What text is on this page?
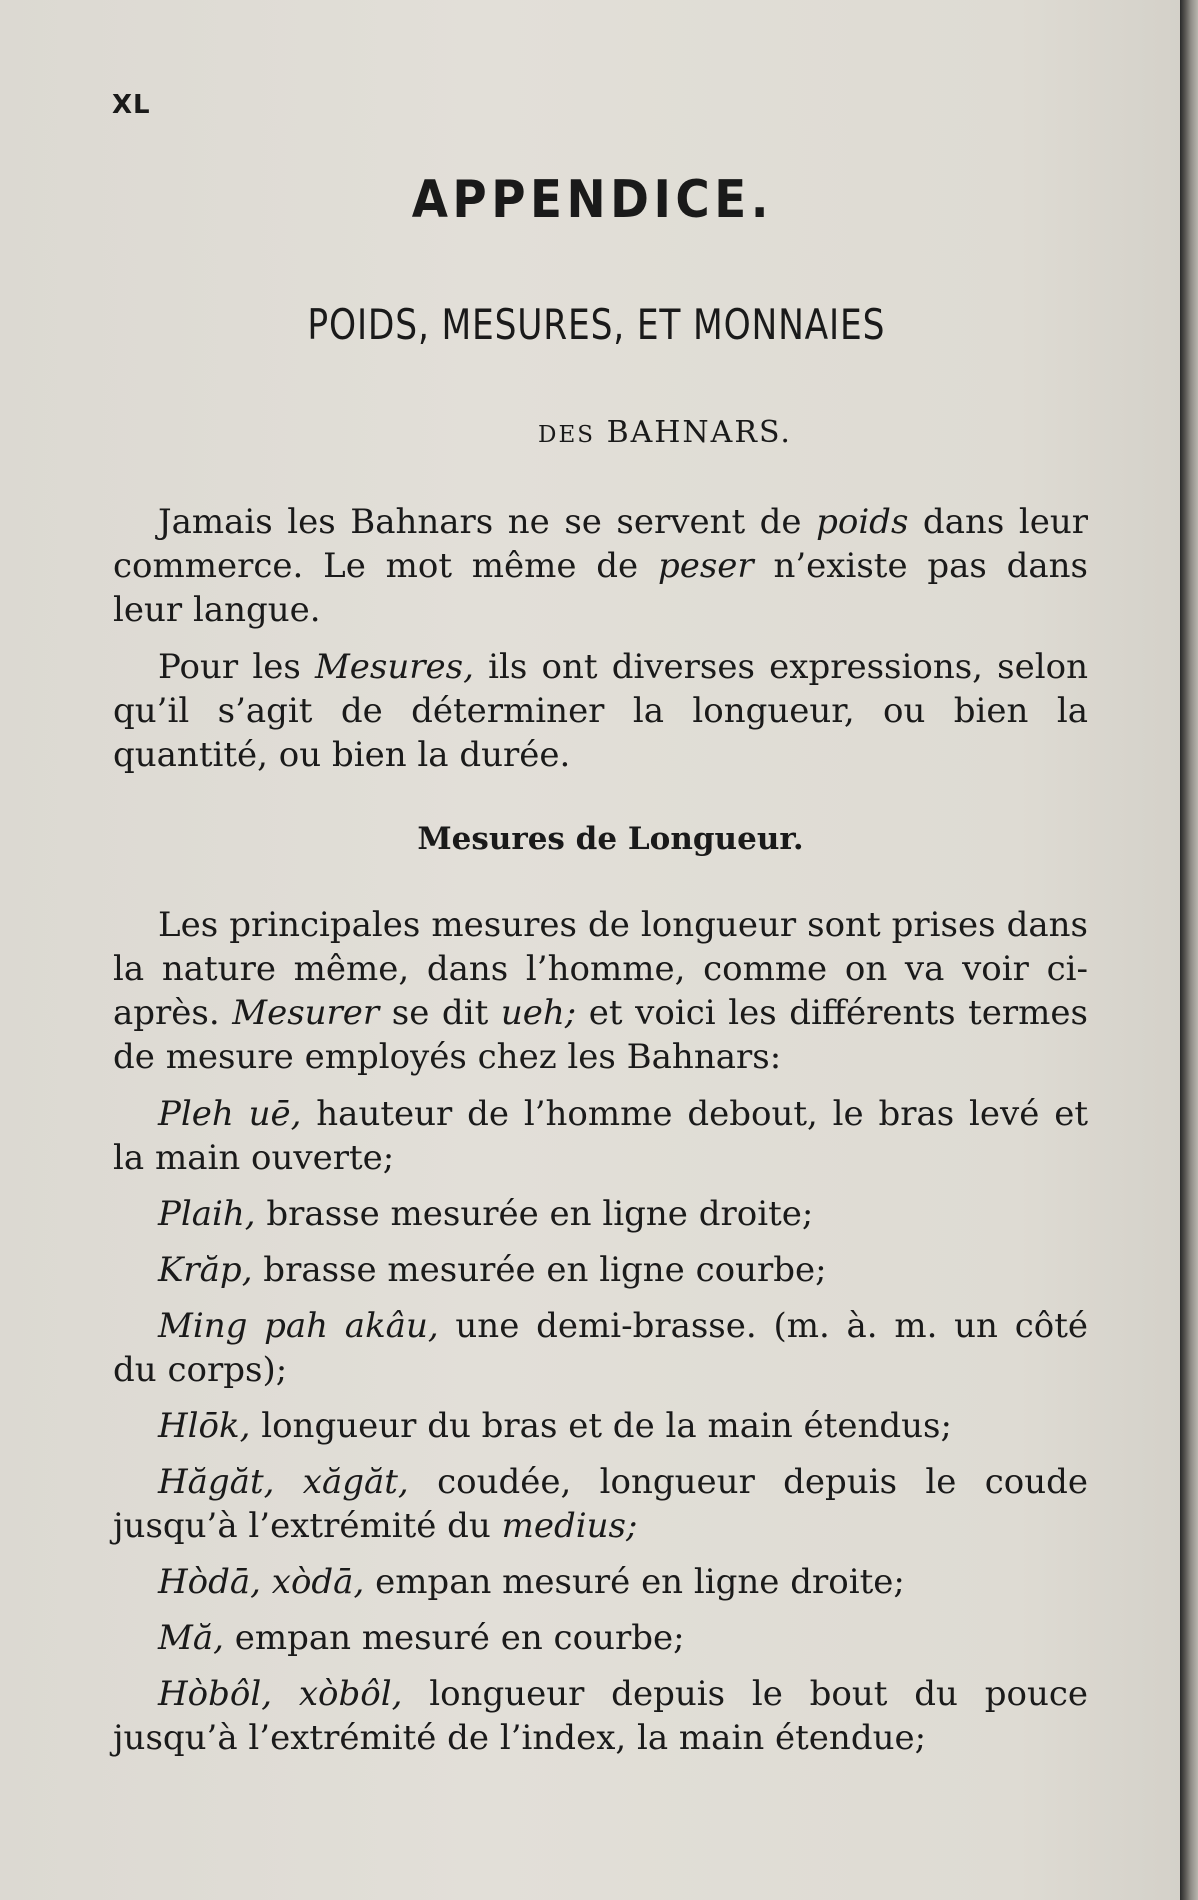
XL
APPENDICE.
POIDS, MESURES, ET MONNAIES
DES BAHNARS.

Jamais les Bahnars ne se servent de poids dans leur commerce. Le mot même de peser n’existe pas dans leur langue.

Pour les Mesures, ils ont diverses expressions, selon qu’il s’agit de déterminer la longueur, ou bien la quantité, ou bien la durée.

Mesures de Longueur.

Les principales mesures de longueur sont prises dans la nature même, dans l’homme, comme on va voir ci-après. Mesurer se dit ueh; et voici les différents termes de mesure employés chez les Bahnars:

Pleh uē, hauteur de l’homme debout, le bras levé et la main ouverte;

Plaih, brasse mesurée en ligne droite;

Krăp, brasse mesurée en ligne courbe;

Ming pah akâu, une demi-brasse. (m. à. m. un côté du corps);

Hlōk, longueur du bras et de la main étendus;

Hăgăt, xăgăt, coudée, longueur depuis le coude jusqu’à l’extrémité du medius;

Hòdā, xòdā, empan mesuré en ligne droite;

Mă, empan mesuré en courbe;

Hòbôl, xòbôl, longueur depuis le bout du pouce jusqu’à l’extrémité de l’index, la main étendue;
